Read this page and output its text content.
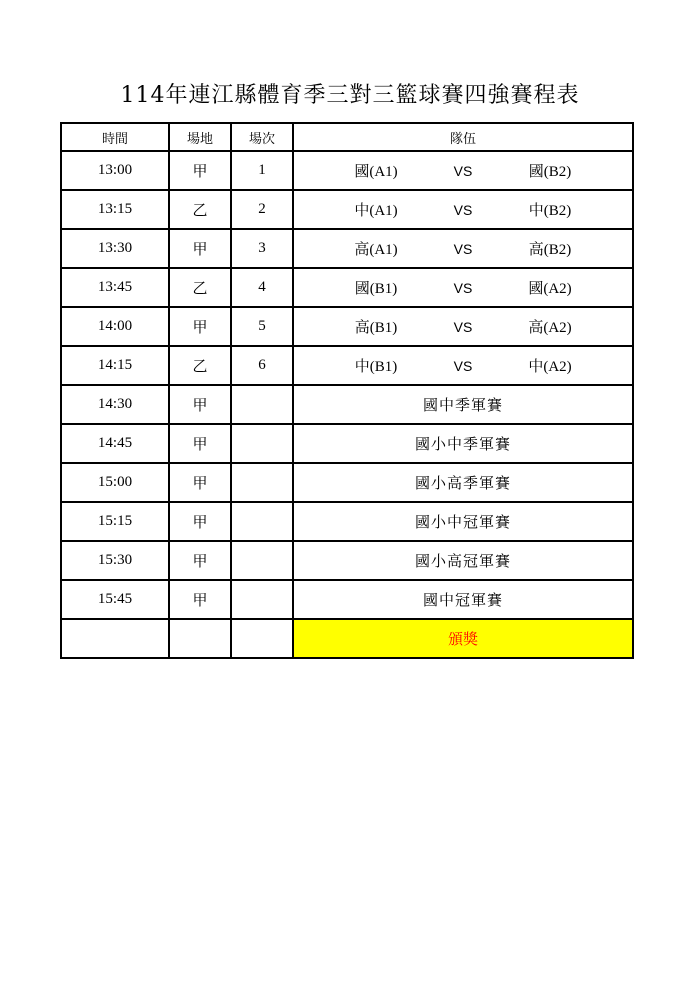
114年連江縣體育季三對三籃球賽四強賽程表
時間	場地	場次	隊伍
13:00	甲	1	國(A1) VS 國(B2)

13:15	乙	2	中(A1) VS 中(B2)

13:30	甲	3	高(A1) VS 高(B2)

13:45	乙	4	國(B1) VS 國(A2)

14:00	甲	5	高(B1) VS 高(A2)

14:15	乙	6	中(B1) VS 中(A2)

14:30	甲		國中季軍賽
14:45	甲		國小中季軍賽
15:00	甲		國小高季軍賽
15:15	甲		國小中冠軍賽
15:30	甲		國小高冠軍賽
15:45	甲		國中冠軍賽
			頒獎
